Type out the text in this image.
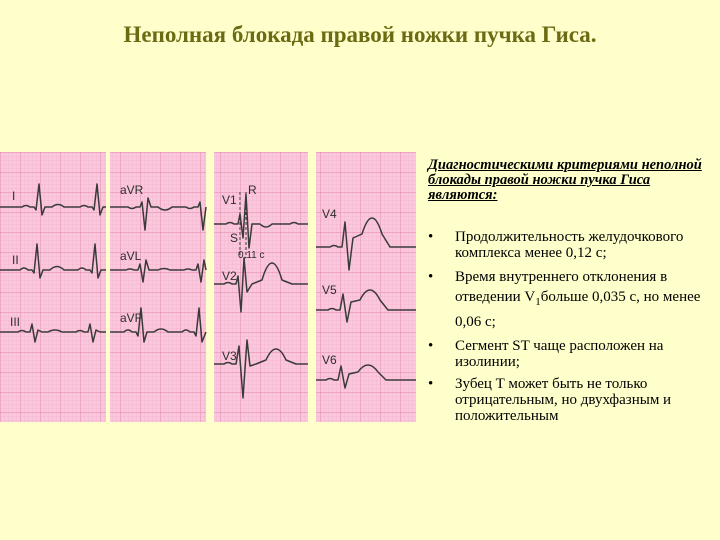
Неполная блокада правой ножки пучка Гиса.
I
II
III
aVR
aVL
aVF
V1
V2
V3
V4
V5
V6
R
S
0,11 с

Диагностическими критериями неполной блокады правой ножки пучка Гиса являются:

• Продолжительность желудочкового комплекса менее 0,12 с;
• Время внутреннего отклонения в отведении $V_1больше$ 0,035 с, но менее 0,06 с;
• Сегмент ST чаще расположен на изолинии;
• Зубец T может быть не только отрицательным, но двухфазным и положительным
